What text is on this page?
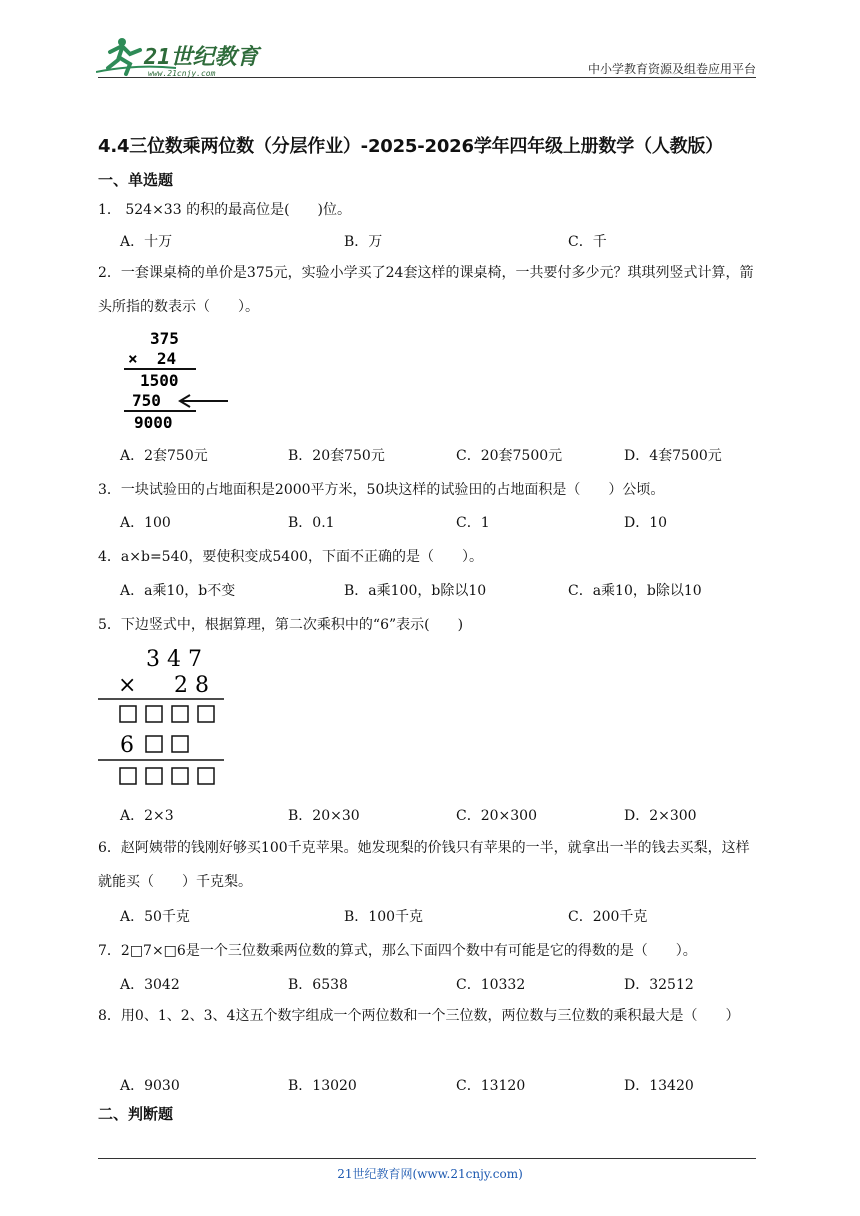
21世纪教育
www.21cnjy.com	中小学教育资源及组卷应用平台
4.4三位数乘两位数（分层作业）-2025-2026学年四年级上册数学（人教版）
一、单选题
1． 524×33 的积的最高位是(　　)位。
A．十万	B．万	C．千
2．一套课桌椅的单价是375元，实验小学买了24套这样的课桌椅，一共要付多少元？琪琪列竖式计算，箭头所指的数表示（　　）。
375
×  24
1500
750
9000
A．2套750元	B．20套750元	C．20套7500元	D．4套7500元
3．一块试验田的占地面积是2000平方米，50块这样的试验田的占地面积是（　　）公顷。
A．100	B．0.1	C．1	D．10
4．a×b=540，要使积变成5400，下面不正确的是（　　）。
A．a乘10，b不变	B．a乘100，b除以10	C．a乘10，b除以10
5．下边竖式中，根据算理，第二次乘积中的“6”表示(　　)
3 4 7
× 2 8
6
A．2×3	B．20×30	C．20×300	D．2×300
6．赵阿姨带的钱刚好够买100千克苹果。她发现梨的价钱只有苹果的一半，就拿出一半的钱去买梨，这样就能买（　　）千克梨。
A．50千克	B．100千克	C．200千克
7．2□7×□6是一个三位数乘两位数的算式，那么下面四个数中有可能是它的得数的是（　　）。
A．3042	B．6538	C．10332	D．32512
8．用0、1、2、3、4这五个数字组成一个两位数和一个三位数，两位数与三位数的乘积最大是（　　）
A．9030	B．13020	C．13120	D．13420
二、判断题
21世纪教育网(www.21cnjy.com)
